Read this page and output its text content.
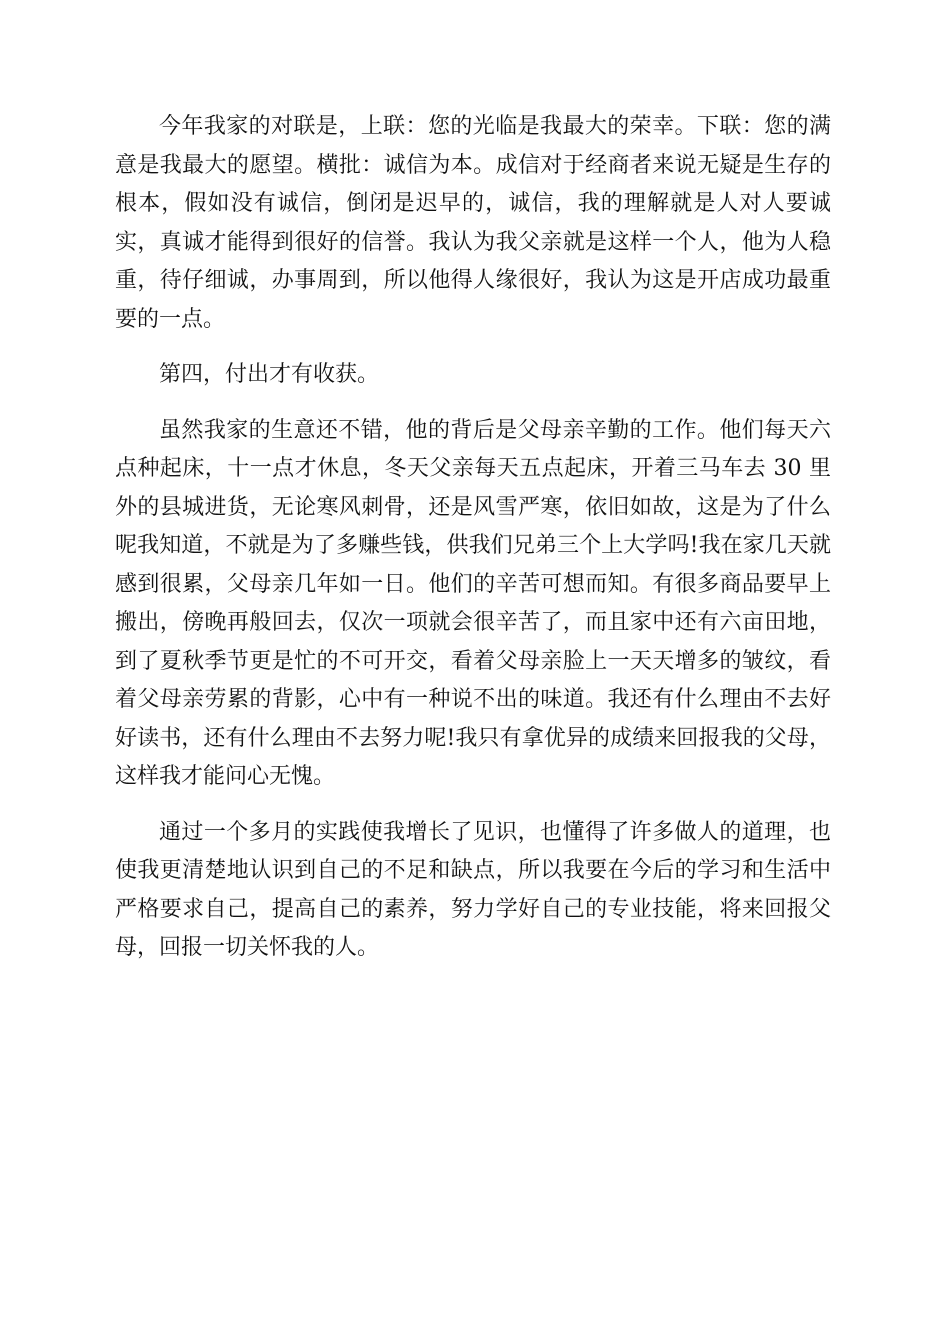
今年我家的对联是，上联：您的光临是我最大的荣幸。下联：您的满意是我最大的愿望。横批：诚信为本。成信对于经商者来说无疑是生存的根本，假如没有诚信，倒闭是迟早的，诚信，我的理解就是人对人要诚实，真诚才能得到很好的信誉。我认为我父亲就是这样一个人，他为人稳重，待仔细诚，办事周到，所以他得人缘很好，我认为这是开店成功最重要的一点。

第四，付出才有收获。

虽然我家的生意还不错，他的背后是父母亲辛勤的工作。他们每天六点种起床，十一点才休息，冬天父亲每天五点起床，开着三马车去 30 里外的县城进货，无论寒风刺骨，还是风雪严寒，依旧如故，这是为了什么呢我知道，不就是为了多赚些钱，供我们兄弟三个上大学吗!我在家几天就感到很累，父母亲几年如一日。他们的辛苦可想而知。有很多商品要早上搬出，傍晚再般回去，仅次一项就会很辛苦了，而且家中还有六亩田地，到了夏秋季节更是忙的不可开交，看着父母亲脸上一天天增多的皱纹，看着父母亲劳累的背影，心中有一种说不出的味道。我还有什么理由不去好好读书，还有什么理由不去努力呢!我只有拿优异的成绩来回报我的父母，这样我才能问心无愧。

通过一个多月的实践使我增长了见识，也懂得了许多做人的道理，也使我更清楚地认识到自己的不足和缺点，所以我要在今后的学习和生活中严格要求自己，提高自己的素养，努力学好自己的专业技能，将来回报父母，回报一切关怀我的人。
